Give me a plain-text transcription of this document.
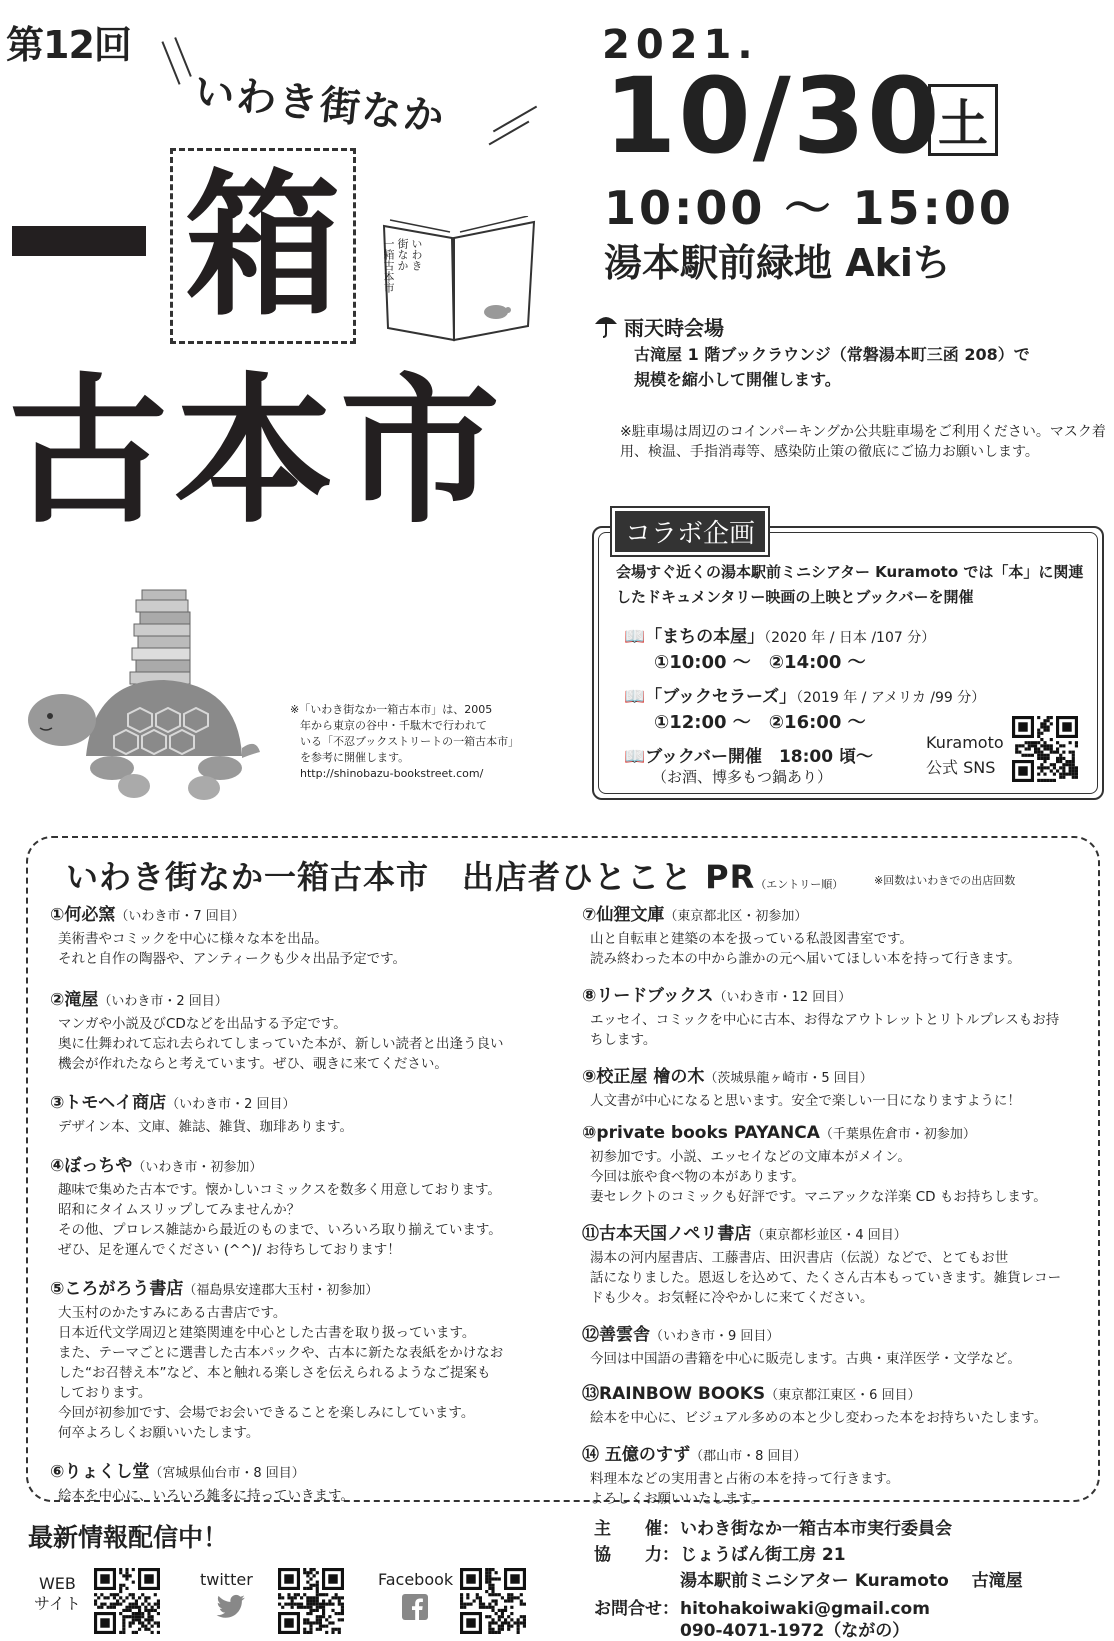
第12回
いわき街なか
箱
古本市
いわき
街なか
一箱古本市
2021.
10/30
土
10:00 ～ 15:00
湯本駅前緑地 Akiち
雨天時会場
古滝屋 1 階ブックラウンジ（常磐湯本町三函 208）で
規模を縮小して開催します。
※駐車場は周辺のコインパーキングか公共駐車場をご利用ください。マスク着用、検温、手指消毒等、感染防止策の徹底にご協力お願いします。
コラボ企画
会場すぐ近くの湯本駅前ミニシアター Kuramoto では「本」に関連したドキュメンタリー映画の上映とブックバーを開催
📖「まちの本屋」（2020 年 / 日本 /107 分）
①10:00 ～　②14:00 ～
📖「ブックセラーズ」（2019 年 / アメリカ /99 分）
①12:00 ～　②16:00 ～
📖ブックバー開催　18:00 頃～
（お酒、博多もつ鍋あり）
Kuramoto
公式 SNS
※「いわき街なか一箱古本市」は、2005
年から東京の谷中・千駄木で行われて
いる「不忍ブックストリートの一箱古本市」
を参考に開催します。
http://shinobazu-bookstreet.com/
いわき街なか一箱古本市　出店者ひとこと PR（エントリー順）	※回数はいわきでの出店回数
①何必窯（いわき市・7 回目）
美術書やコミックを中心に様々な本を出品。
それと自作の陶器や、アンティークも少々出品予定です。
②滝屋（いわき市・2 回目）
マンガや小説及びCDなどを出品する予定です。
奥に仕舞われて忘れ去られてしまっていた本が、新しい読者と出逢う良い
機会が作れたならと考えています。ぜひ、覗きに来てください。
③トモヘイ商店（いわき市・2 回目）
デザイン本、文庫、雑誌、雑貨、珈琲あります。
④ぼっちや（いわき市・初参加）
趣味で集めた古本です。懐かしいコミックスを数多く用意しております。
昭和にタイムスリップしてみませんか？
その他、プロレス雑誌から最近のものまで、いろいろ取り揃えています。
ぜひ、足を運んでください (^^)/ お待ちしております！
⑤ころがろう書店（福島県安達郡大玉村・初参加）
大玉村のかたすみにある古書店です。
日本近代文学周辺と建築関連を中心とした古書を取り扱っています。
また、テーマごとに選書した古本パックや、古本に新たな表紙をかけなお
した“お召替え本”など、本と触れる楽しさを伝えられるようなご提案も
しております。
今回が初参加です、会場でお会いできることを楽しみにしています。
何卒よろしくお願いいたします。
⑥りょくし堂（宮城県仙台市・8 回目）
絵本を中心に、いろいろ雑多に持っていきます。
⑦仙狸文庫（東京都北区・初参加）
山と自転車と建築の本を扱っている私設図書室です。
読み終わった本の中から誰かの元へ届いてほしい本を持って行きます。
⑧リードブックス（いわき市・12 回目）
エッセイ、コミックを中心に古本、お得なアウトレットとリトルプレスもお持
ちします。
⑨校正屋 檜の木（茨城県龍ヶ崎市・5 回目）
人文書が中心になると思います。安全で楽しい一日になりますように！
⑩private books PAYANCA（千葉県佐倉市・初参加）
初参加です。小説、エッセイなどの文庫本がメイン。
今回は旅や食べ物の本があります。
妻セレクトのコミックも好評です。マニアックな洋楽 CD もお持ちします。
⑪古本天国ノペリ書店（東京都杉並区・4 回目）
湯本の河内屋書店、工藤書店、田沢書店（伝説）などで、とてもお世
話になりました。恩返しを込めて、たくさん古本もっていきます。雑貨レコー
ドも少々。お気軽に冷やかしに来てください。
⑫善雲舎（いわき市・9 回目）
今回は中国語の書籍を中心に販売します。古典・東洋医学・文学など。
⑬RAINBOW BOOKS（東京都江東区・6 回目）
絵本を中心に、ビジュアル多めの本と少し変わった本をお持ちいたします。
⑭ 五億のすず（郡山市・8 回目）
料理本などの実用書と占術の本を持って行きます。
よろしくお願いいたします。
最新情報配信中！
WEB
サイト
twitter	Facebook
主　　催：いわき街なか一箱古本市実行委員会
協　　力：じょうばん街工房 21
湯本駅前ミニシアター Kuramoto　 古滝屋
お問合せ：hitohakoiwaki@gmail.com
090-4071-1972（ながの）
